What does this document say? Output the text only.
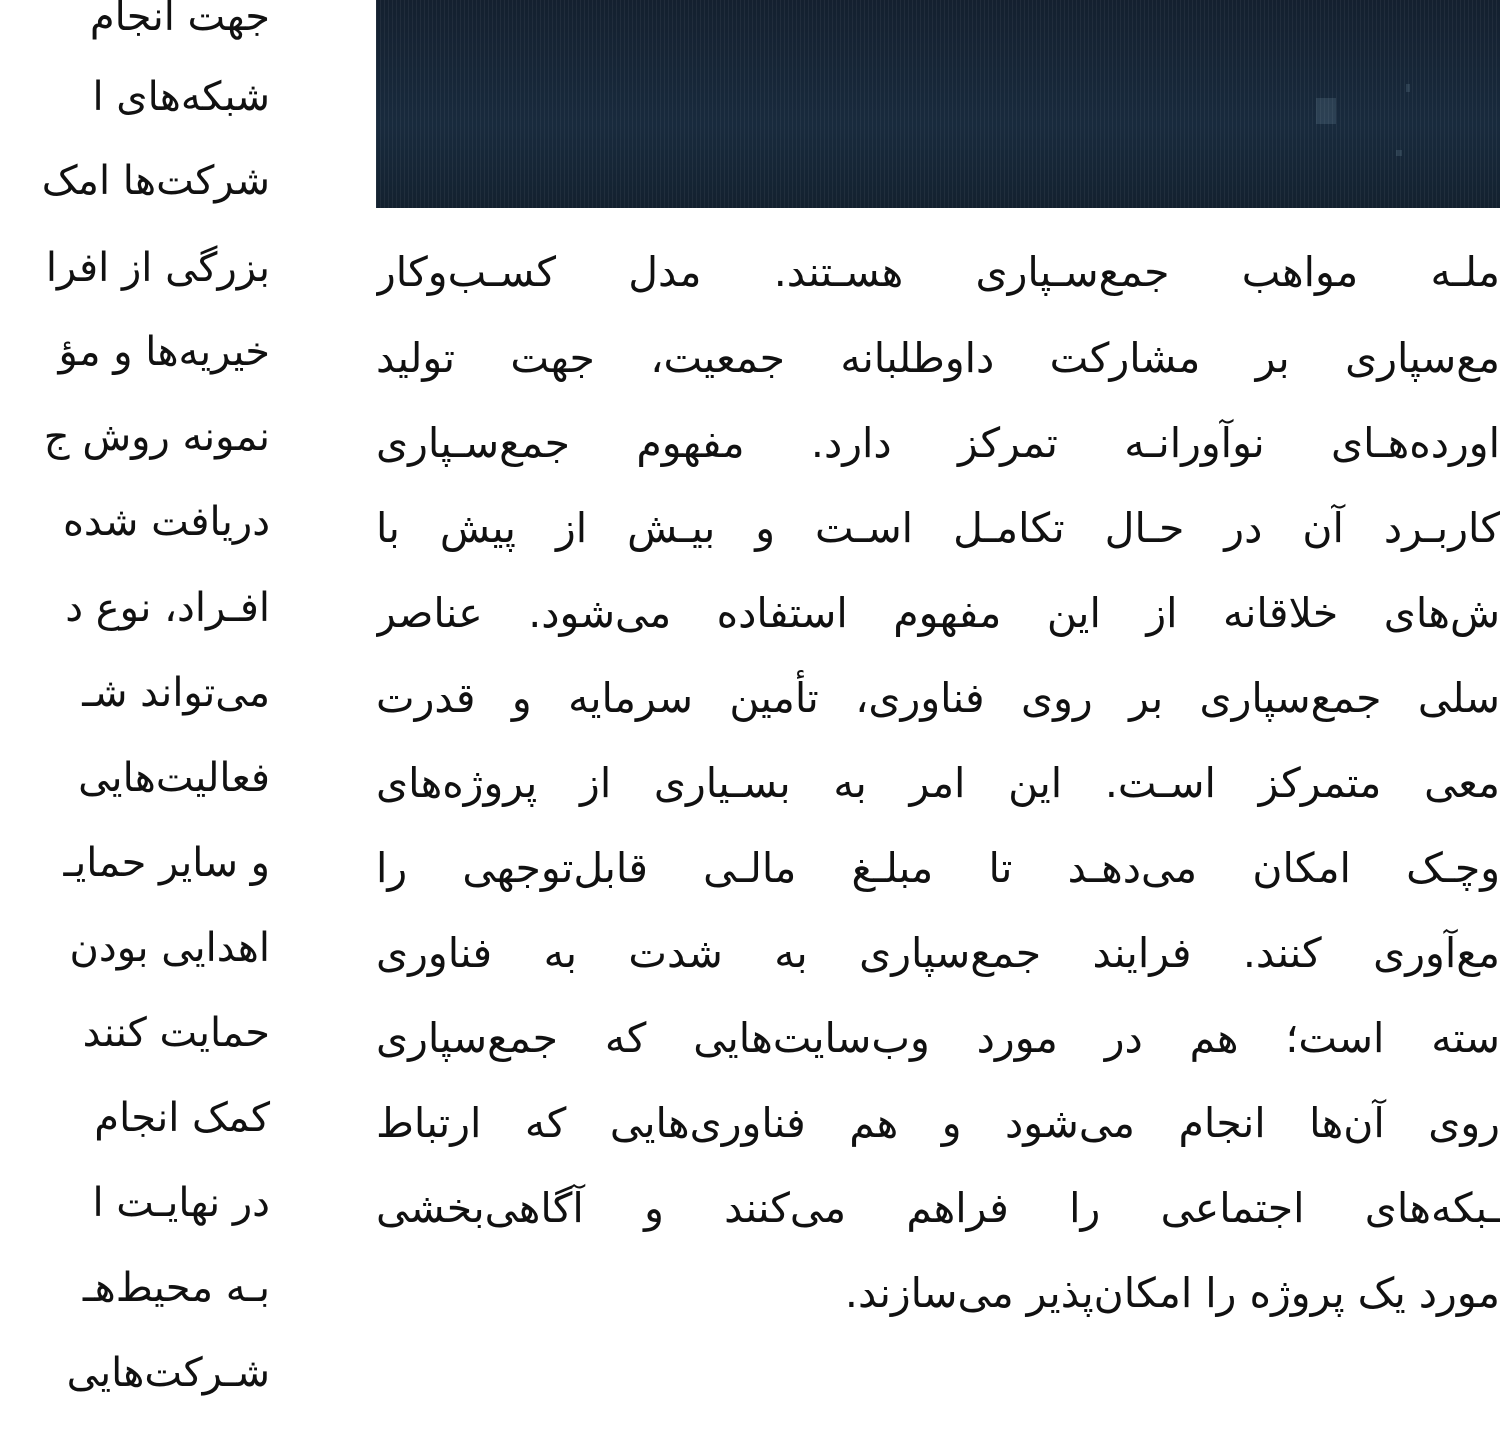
جهت انجام
شبکه‌های ا
شرکت‌ها امک
بزرگی از افرا
خیریه‌ها و مؤ
نمونه روش ج
دریافت شده
افـراد، نوع د
می‌تواند شـ
فعالیت‌هایی
و سایر حمایـ
اهدایی بودن
حمایت کنند
کمک انجام
در نهایـت ا
بـه محیط‌هـ
شـرکت‌هایی
ملـه مواهب جمع‌سـپاری هسـتند. مدل کسـب‌وکار
مع‌سپاری بر مشارکت داوطلبانه جمعیت، جهت تولید
اورده‌هـای نوآورانـه تمرکز دارد. مفهوم جمع‌سـپاری
کاربـرد آن در حـال تکامـل اسـت و بیـش از پیش با
ش‌های خلاقانه از این مفهوم استفاده می‌شود. عناصر
سلی جمع‌سپاری بر روی فناوری، تأمین سرمایه و قدرت
معی متمرکز اسـت. این امر به بسـیاری از پروژه‌های
وچـک امکان می‌دهـد تا مبلـغ مالـی قابل‌توجهی را
مع‌آوری کنند. فرایند جمع‌سپاری به شدت به فناوری
سته است؛ هم در مورد وب‌سایت‌هایی که جمع‌سپاری
روی آن‌ها انجام می‌شود و هم فناوری‌هایی که ارتباط
ـبکه‌های اجتماعی را فراهم می‌کنند و آگاهی‌بخشی
مورد یک پروژه را امکان‌پذیر می‌سازند.
